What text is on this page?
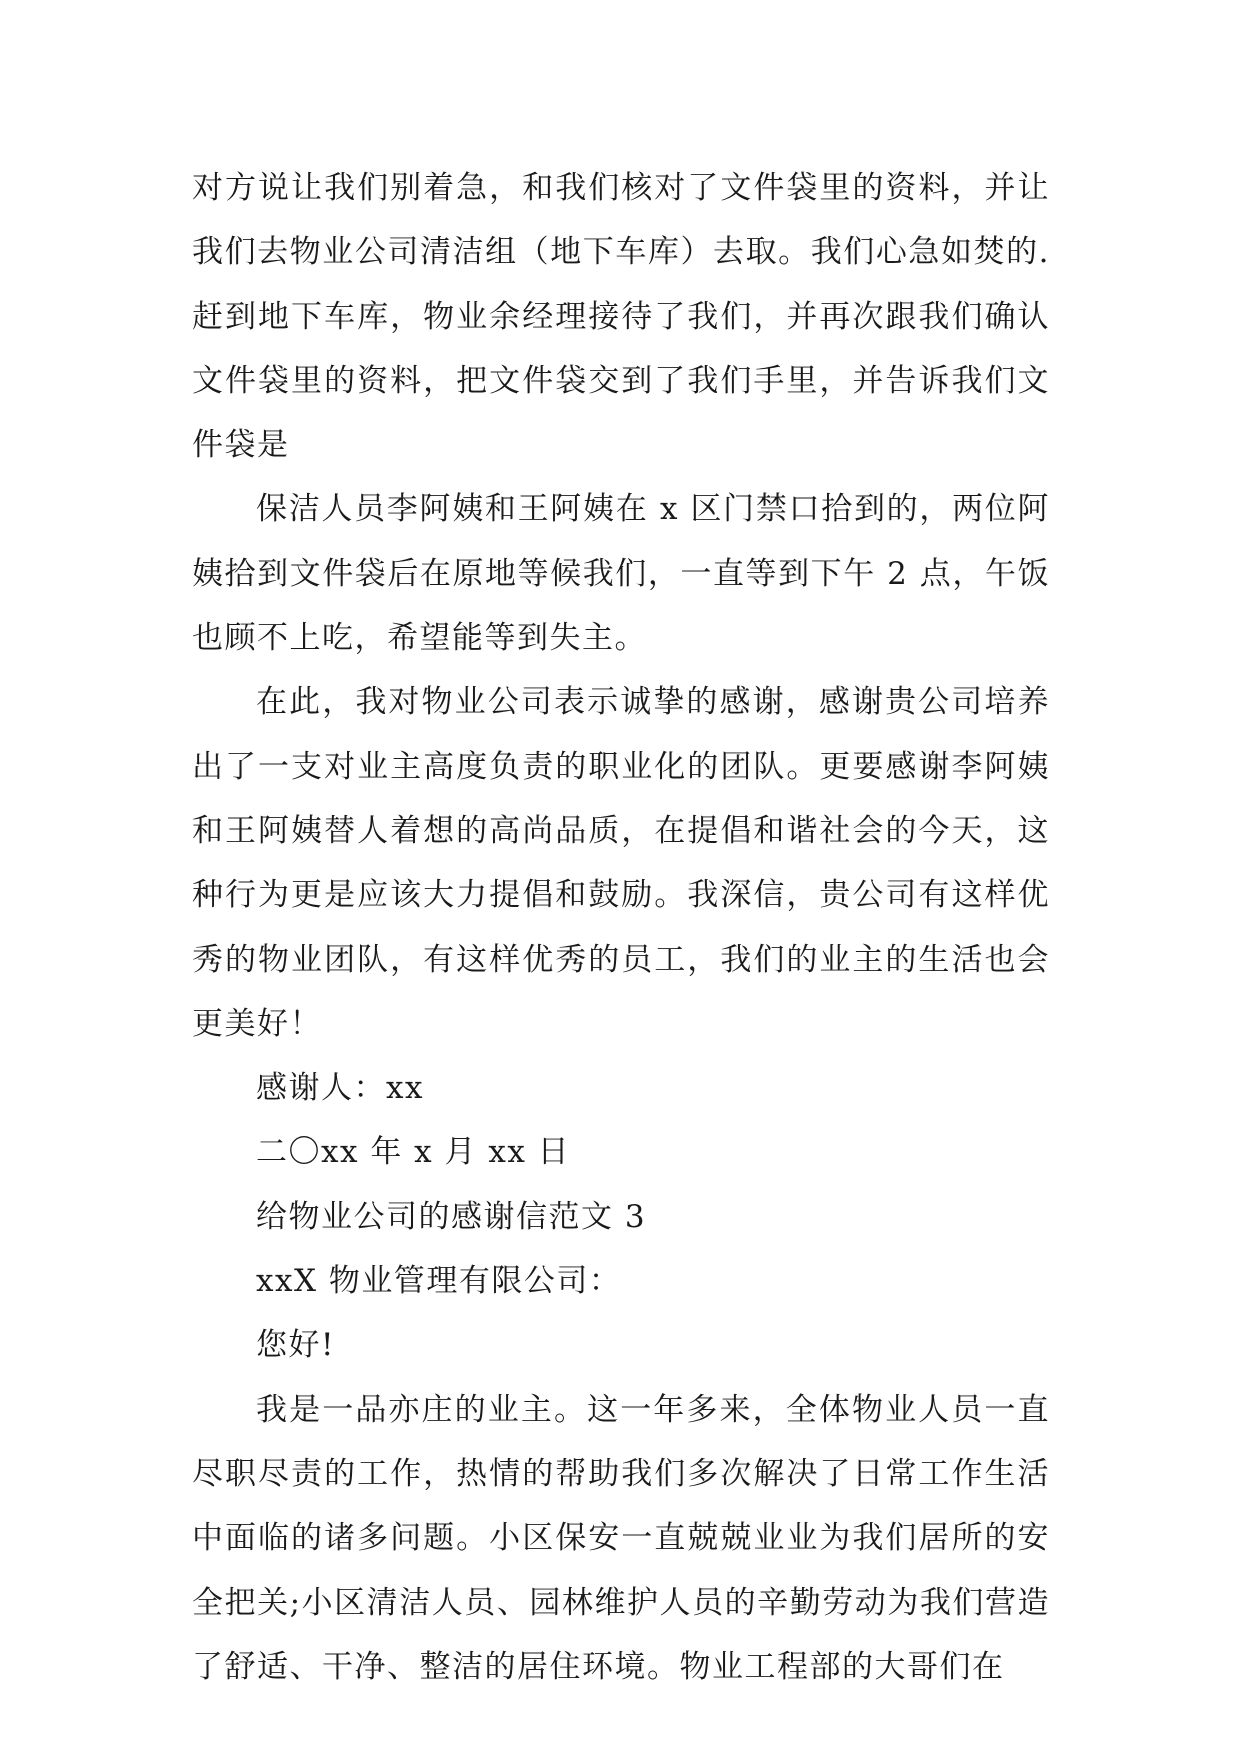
对方说让我们别着急，和我们核对了文件袋里的资料，并让我们去物业公司清洁组（地下车库）去取。我们心急如焚的.赶到地下车库，物业余经理接待了我们，并再次跟我们确认文件袋里的资料，把文件袋交到了我们手里，并告诉我们文件袋是

保洁人员李阿姨和王阿姨在 x 区门禁口拾到的，两位阿姨拾到文件袋后在原地等候我们，一直等到下午 2 点，午饭也顾不上吃，希望能等到失主。

在此，我对物业公司表示诚挚的感谢，感谢贵公司培养出了一支对业主高度负责的职业化的团队。更要感谢李阿姨和王阿姨替人着想的高尚品质，在提倡和谐社会的今天，这种行为更是应该大力提倡和鼓励。我深信，贵公司有这样优秀的物业团队，有这样优秀的员工，我们的业主的生活也会更美好！

感谢人：xx

二〇xx 年 x 月 xx 日

给物业公司的感谢信范文 3

xxX 物业管理有限公司：

您好!

我是一品亦庄的业主。这一年多来，全体物业人员一直尽职尽责的工作，热情的帮助我们多次解决了日常工作生活中面临的诸多问题。小区保安一直兢兢业业为我们居所的安全把关;小区清洁人员、园林维护人员的辛勤劳动为我们营造了舒适、干净、整洁的居住环境。物业工程部的大哥们在
